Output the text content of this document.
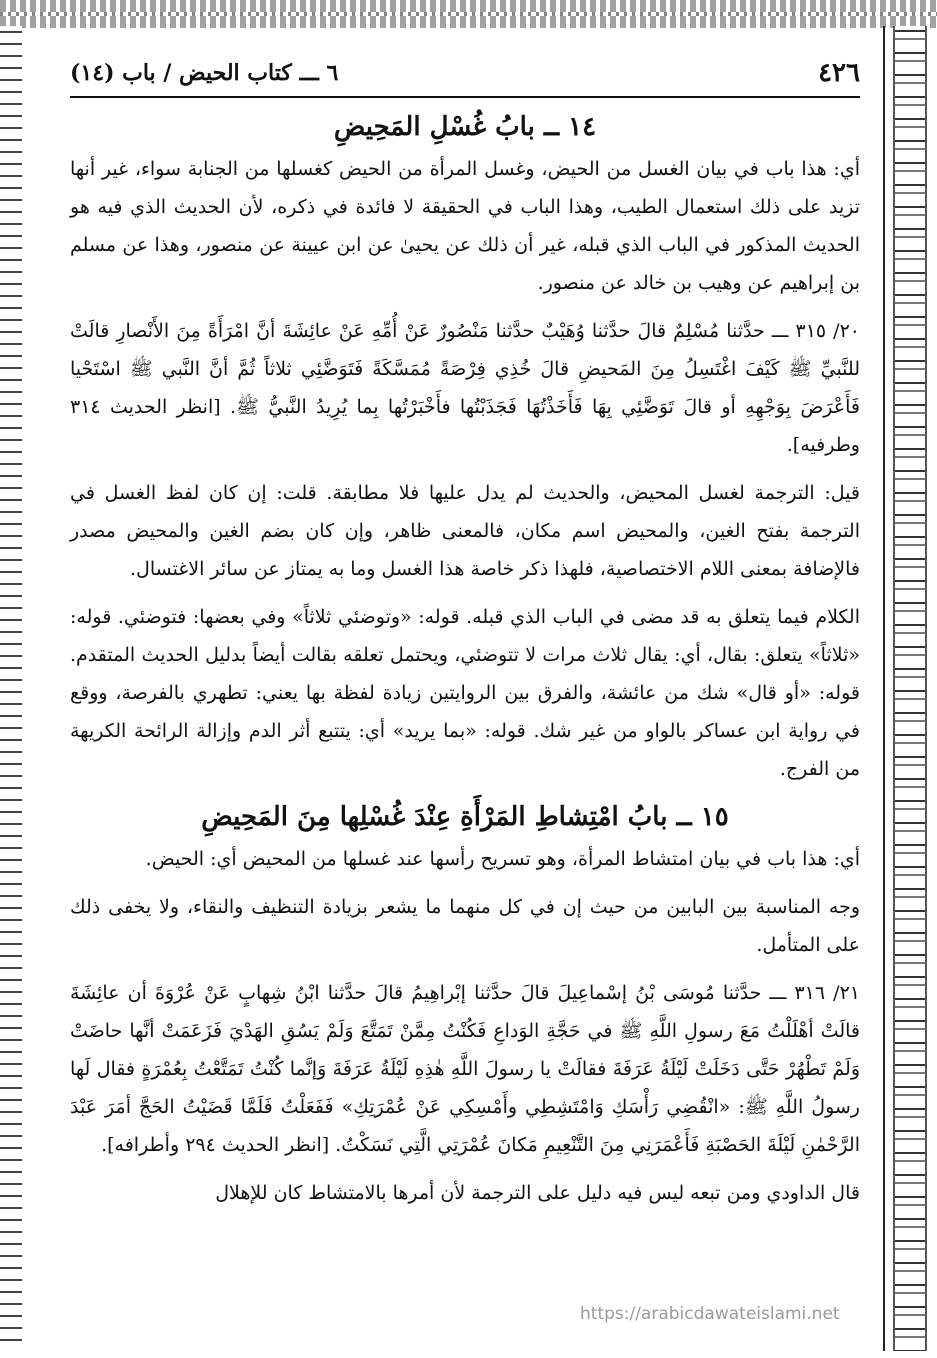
٤٢٦
٦ ـــ كتاب الحيض / باب (١٤)
١٤ ــ بابُ غُسْلِ المَحِيضِ

أي: هذا باب في بيان الغسل من الحيض، وغسل المرأة من الحيض كغسلها من الجنابة سواء، غير أنها تزيد على ذلك استعمال الطيب، وهذا الباب في الحقيقة لا فائدة في ذكره، لأن الحديث الذي فيه هو الحديث المذكور في الباب الذي قبله، غير أن ذلك عن يحيىٰ عن ابن عيينة عن منصور، وهذا عن مسلم بن إبراهيم عن وهيب بن خالد عن منصور.

٢٠/ ٣١٥ ـــ حدَّثنا مُسْلِمٌ قالَ حدَّثنا وُهَيْبٌ حدَّثنا مَنْصُورٌ عَنْ أُمِّهِ عَنْ عائِشَةَ أنَّ امْرَأَةً مِنَ الأَنْصارِ قالَتْ للنَّبيِّ ﷺ كَيْفَ اغْتَسِلُ مِنَ المَحيضِ قالَ خُذِي فِرْصَةً مُمَسَّكَةً فَتَوَضَّئِي ثلاثاً ثُمَّ أنَّ النَّبي ﷺ اسْتَحْيا فَأَعْرَضَ بِوَجْهِهِ أو قالَ تَوَضَّئِي بِهَا فَأَخَذْتُهَا فَجَذَبْتُها فأَخْبَرْتُها بِما يُرِيدُ النَّبيُّ ﷺ. [انظر الحديث ٣١٤ وطرفيه].

قيل: الترجمة لغسل المحيض، والحديث لم يدل عليها فلا مطابقة. قلت: إن كان لفظ الغسل في الترجمة بفتح الغين، والمحيض اسم مكان، فالمعنى ظاهر، وإن كان بضم الغين والمحيض مصدر فالإضافة بمعنى اللام الاختصاصية، فلهذا ذكر خاصة هذا الغسل وما به يمتاز عن سائر الاغتسال.

الكلام فيما يتعلق به قد مضى في الباب الذي قبله. قوله: «وتوضئي ثلاثاً» وفي بعضها: فتوضئي. قوله: «ثلاثاً» يتعلق: بقال، أي: يقال ثلاث مرات لا تتوضئي، ويحتمل تعلقه بقالت أيضاً بدليل الحديث المتقدم. قوله: «أو قال» شك من عائشة، والفرق بين الروايتين زيادة لفظة بها يعني: تطهري بالفرصة، ووقع في رواية ابن عساكر بالواو من غير شك. قوله: «بما يريد» أي: يتتبع أثر الدم وإزالة الرائحة الكريهة من الفرج.

١٥ ــ بابُ امْتِشاطِ المَرْأَةِ عِنْدَ غُسْلِها مِنَ المَحِيضِ

أي: هذا باب في بيان امتشاط المرأة، وهو تسريح رأسها عند غسلها من المحيض أي: الحيض.

وجه المناسبة بين البابين من حيث إن في كل منهما ما يشعر بزيادة التنظيف والنقاء، ولا يخفى ذلك على المتأمل.

٢١/ ٣١٦ ـــ حدَّثنا مُوسَى بْنُ إسْماعِيلَ قالَ حدَّثنا إبْراهِيمُ قالَ حدَّثنا ابْنُ شِهابٍ عَنْ عُرْوَةَ أن عائِشَةَ قالَتْ أهْلَلْتُ مَعَ رسولِ اللَّهِ ﷺ في حَجَّةِ الوَداعِ فَكُنْتُ مِمَّنْ تَمَتَّعَ وَلَمْ يَسُقِ الهَدْيَ فَزَعَمَتْ أنَّها حاضَتْ وَلَمْ تَطْهُرْ حَتَّى دَخَلَتْ لَيْلَةُ عَرَفَةَ فقالَتْ يا رسولَ اللَّهِ هٰذِهِ لَيْلَةُ عَرَفَةَ وَإنَّما كُنْتُ تَمَتَّعْتُ بِعُمْرَةٍ فقال لَها رسولُ اللَّهِ ﷺ: «انْقُضِي رَأْسَكِ وَامْتَشِطِي وأَمْسِكِي عَنْ عُمْرَتِكِ» فَفَعَلْتُ فَلَمَّا قَضَيْتُ الحَجَّ أمَرَ عَبْدَ الرَّحْمٰنِ لَيْلَةَ الحَصْبَةِ فَأَعْمَرَنِي مِنَ التَّنْعِيمِ مَكانَ عُمْرَتِي الَّتِي نَسَكْتُ. [انظر الحديث ٢٩٤ وأطرافه].

قال الداودي ومن تبعه ليس فيه دليل على الترجمة لأن أمرها بالامتشاط كان للإهلال

https://arabicdawateislami.net
